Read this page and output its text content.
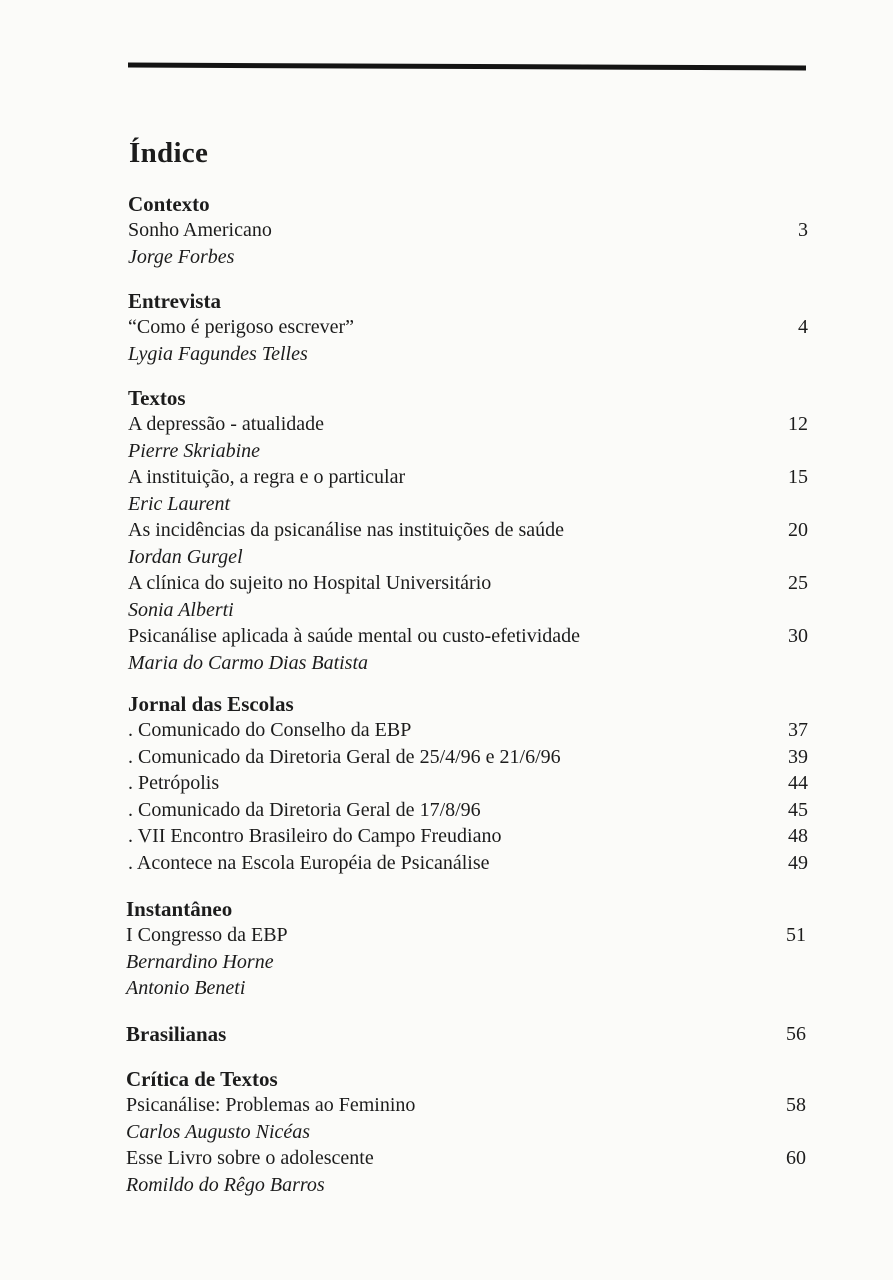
Índice
Contexto
Sonho Americano	3
Jorge Forbes
Entrevista
“Como é perigoso escrever”	4
Lygia Fagundes Telles
Textos
A depressão - atualidade	12
Pierre Skriabine
A instituição, a regra e o particular	15
Eric Laurent
As incidências da psicanálise nas instituições de saúde	20
Iordan Gurgel
A clínica do sujeito no Hospital Universitário	25
Sonia Alberti
Psicanálise aplicada à saúde mental ou custo-efetividade	30
Maria do Carmo Dias Batista
Jornal das Escolas
. Comunicado do Conselho da EBP	37
. Comunicado da Diretoria Geral de 25/4/96 e 21/6/96	39
. Petrópolis	44
. Comunicado da Diretoria Geral de 17/8/96	45
. VII Encontro Brasileiro do Campo Freudiano	48
. Acontece na Escola Européia de Psicanálise	49
Instantâneo
I Congresso da EBP	51
Bernardino Horne
Antonio Beneti
Brasilianas	56
Crítica de Textos
Psicanálise: Problemas ao Feminino	58
Carlos Augusto Nicéas
Esse Livro sobre o adolescente	60
Romildo do Rêgo Barros
